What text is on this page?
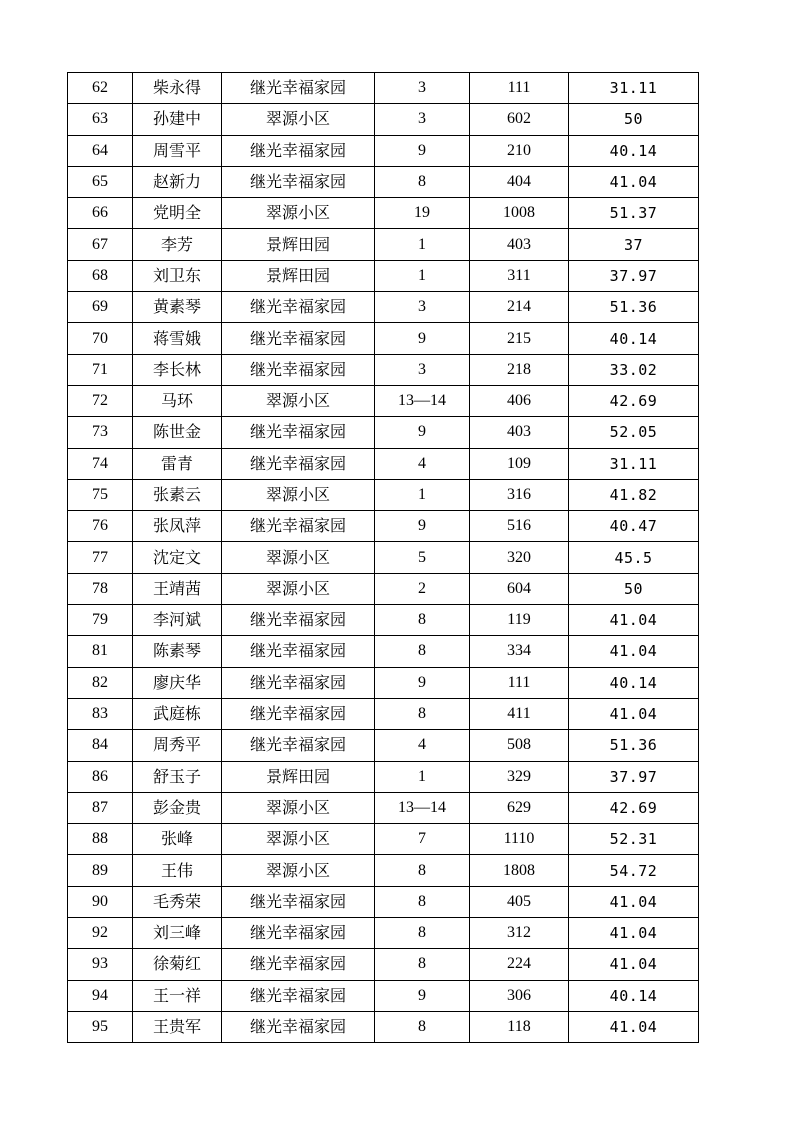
62	柴永得	继光幸福家园	3	111	31.11
63	孙建中	翠源小区	3	602	50
64	周雪平	继光幸福家园	9	210	40.14
65	赵新力	继光幸福家园	8	404	41.04
66	党明全	翠源小区	19	1008	51.37
67	李芳	景辉田园	1	403	37
68	刘卫东	景辉田园	1	311	37.97
69	黄素琴	继光幸福家园	3	214	51.36
70	蒋雪娥	继光幸福家园	9	215	40.14
71	李长林	继光幸福家园	3	218	33.02
72	马环	翠源小区	13—14	406	42.69
73	陈世金	继光幸福家园	9	403	52.05
74	雷青	继光幸福家园	4	109	31.11
75	张素云	翠源小区	1	316	41.82
76	张凤萍	继光幸福家园	9	516	40.47
77	沈定文	翠源小区	5	320	45.5
78	王靖茜	翠源小区	2	604	50
79	李河斌	继光幸福家园	8	119	41.04
81	陈素琴	继光幸福家园	8	334	41.04
82	廖庆华	继光幸福家园	9	111	40.14
83	武庭栋	继光幸福家园	8	411	41.04
84	周秀平	继光幸福家园	4	508	51.36
86	舒玉子	景辉田园	1	329	37.97
87	彭金贵	翠源小区	13—14	629	42.69
88	张峰	翠源小区	7	1110	52.31
89	王伟	翠源小区	8	1808	54.72
90	毛秀荣	继光幸福家园	8	405	41.04
92	刘三峰	继光幸福家园	8	312	41.04
93	徐菊红	继光幸福家园	8	224	41.04
94	王一祥	继光幸福家园	9	306	40.14
95	王贵军	继光幸福家园	8	118	41.04
